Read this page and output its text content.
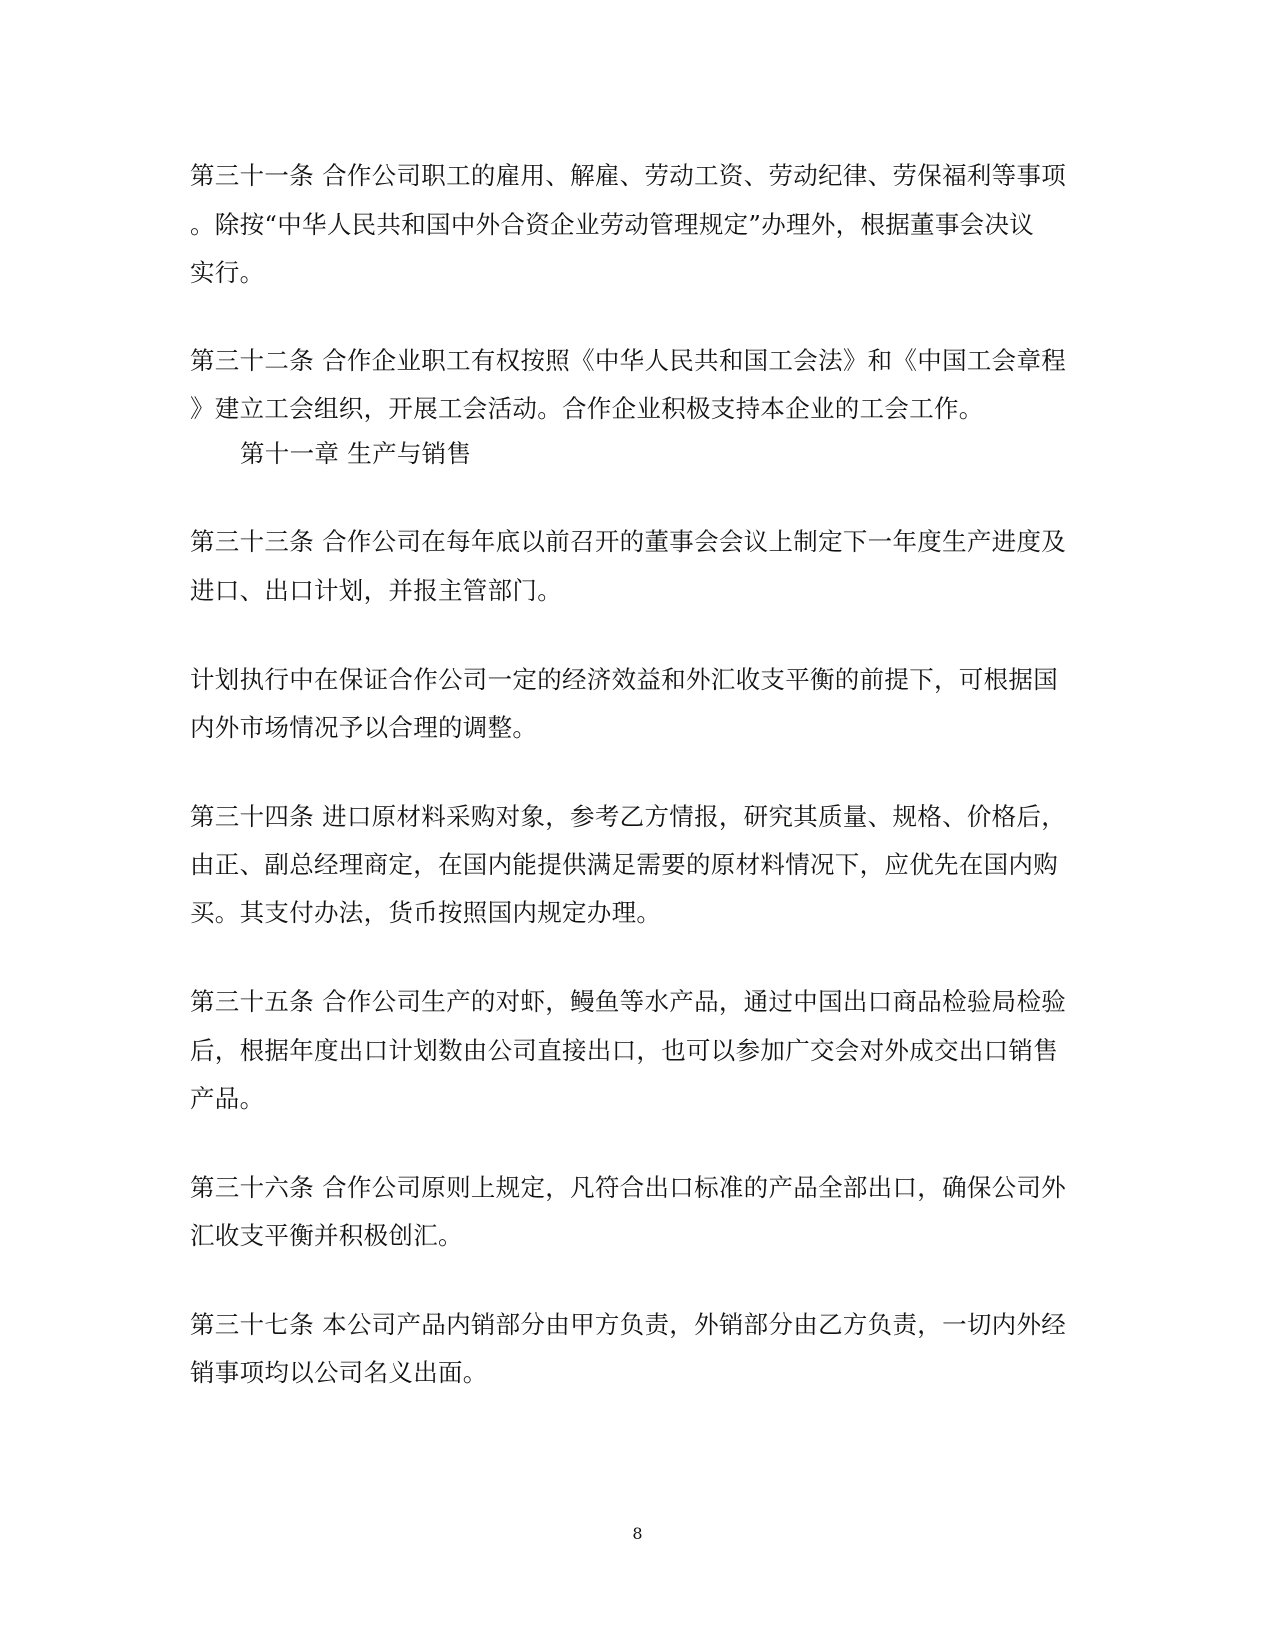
第三十一条 合作公司职工的雇用、解雇、劳动工资、劳动纪律、劳保福利等事项
。除按“中华人民共和国中外合资企业劳动管理规定”办理外，根据董事会决议
实行。
第三十二条 合作企业职工有权按照《中华人民共和国工会法》和《中国工会章程
》建立工会组织，开展工会活动。合作企业积极支持本企业的工会工作。
第十一章 生产与销售
第三十三条 合作公司在每年底以前召开的董事会会议上制定下一年度生产进度及
进口、出口计划，并报主管部门。
计划执行中在保证合作公司一定的经济效益和外汇收支平衡的前提下，可根据国
内外市场情况予以合理的调整。
第三十四条 进口原材料采购对象，参考乙方情报，研究其质量、规格、价格后，
由正、副总经理商定，在国内能提供满足需要的原材料情况下，应优先在国内购
买。其支付办法，货币按照国内规定办理。
第三十五条 合作公司生产的对虾，鳗鱼等水产品，通过中国出口商品检验局检验
后，根据年度出口计划数由公司直接出口，也可以参加广交会对外成交出口销售
产品。
第三十六条 合作公司原则上规定，凡符合出口标准的产品全部出口，确保公司外
汇收支平衡并积极创汇。
第三十七条 本公司产品内销部分由甲方负责，外销部分由乙方负责，一切内外经
销事项均以公司名义出面。
8
